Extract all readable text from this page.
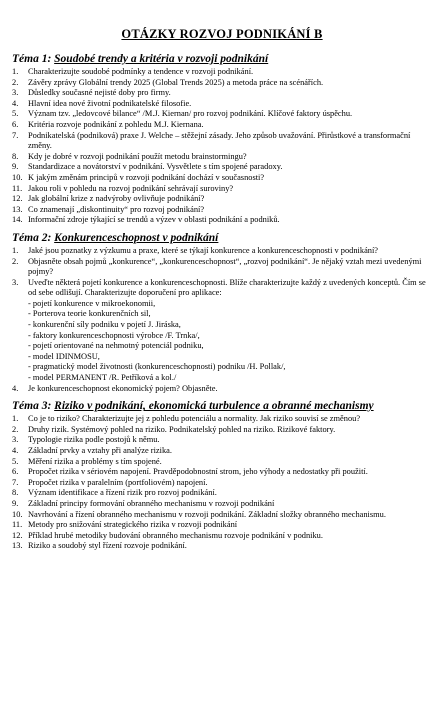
OTÁZKY ROZVOJ PODNIKÁNÍ B
Téma 1: Soudobé trendy a kritéria v rozvoji podnikání
1. Charakterizujte soudobé podmínky a tendence v rozvoji podnikání.
2. Závěry zprávy Globální trendy 2025 (Global Trends 2025) a metoda práce na scénářích.
3. Důsledky současné nejisté doby pro firmy.
4. Hlavní idea nové životní podnikatelské filosofie.
5. Význam tzv. „ledovcové bilance“ /M.J. Kiernan/ pro rozvoj podnikání. Klíčové faktory úspěchu.
6. Kritéria rozvoje podnikání z pohledu M.J. Kiernana.
7. Podnikatelská (podniková) praxe J. Welche – stěžejní zásady. Jeho způsob uvažování. Přirůstkové a transformační změny.
8. Kdy je dobré v rozvoji podnikání použít metodu brainstormingu?
9. Standardizace a novátorství v podnikání. Vysvětlete s tím spojené paradoxy.
10. K jakým změnám principů v rozvoji podnikání dochází v současnosti?
11. Jakou roli v pohledu na rozvoj podnikání sehrávají suroviny?
12. Jak globální krize z nadvýroby ovlivňuje podnikání?
13. Co znamenají „diskontinuity“ pro rozvoj podnikání?
14. Informační zdroje týkající se trendů a výzev v oblasti podnikání a podniků.
Téma 2: Konkurenceschopnost v podnikání
1. Jaké jsou poznatky z výzkumu a praxe, které se týkají konkurence a konkurenceschopnosti v podnikání?
2. Objasněte obsah pojmů „konkurence“, „konkurenceschopnost“, „rozvoj podnikání“. Je nějaký vztah mezi uvedenými pojmy?
3. Uveďte některá pojetí konkurence a konkurenceschopnosti. Blíže charakterizujte každý z uvedených konceptů. Čím se od sebe odlišují. Charakterizujte doporučení pro aplikace:
- pojetí konkurence v mikroekonomii,
- Porterova teorie konkurenčních sil,
- konkurenční síly podniku v pojetí J. Jiráska,
- faktory konkurenceschopnosti výrobce /F. Trnka/,
- pojetí orientované na nehmotný potenciál podniku,
- model IDINMOSU,
- pragmatický model životnosti (konkurenceschopnosti) podniku /H. Pollak/,
- model PERMANENT /R. Petříková a kol./
4. Je konkurenceschopnost ekonomický pojem? Objasněte.
Téma 3: Riziko v podnikání, ekonomická turbulence a obranné mechanismy
1. Co je to riziko? Charakterizujte jej z pohledu potenciálu a normality. Jak riziko souvisí se změnou?
2. Druhy rizik. Systémový pohled na riziko. Podnikatelský pohled na riziko. Rizikové faktory.
3. Typologie rizika podle postojů k němu.
4. Základní prvky a vztahy při analýze rizika.
5. Měření rizika a problémy s tím spojené.
6. Propočet rizika v sériovém napojení. Pravděpodobnostní strom, jeho výhody a nedostatky při použití.
7. Propočet rizika v paralelním (portfoliovém) napojení.
8. Význam identifikace a řízení rizik pro rozvoj podnikání.
9. Základní principy formování obranného mechanismu v rozvoji podnikání
10. Navrhování a řízení obranného mechanismu v rozvoji podnikání. Základní složky obranného mechanismu.
11. Metody pro snižování strategického rizika v rozvoji podnikání
12. Příklad hrubé metodiky budování obranného mechanismu rozvoje podnikání v podniku.
13. Riziko a soudobý styl řízení rozvoje podnikání.
